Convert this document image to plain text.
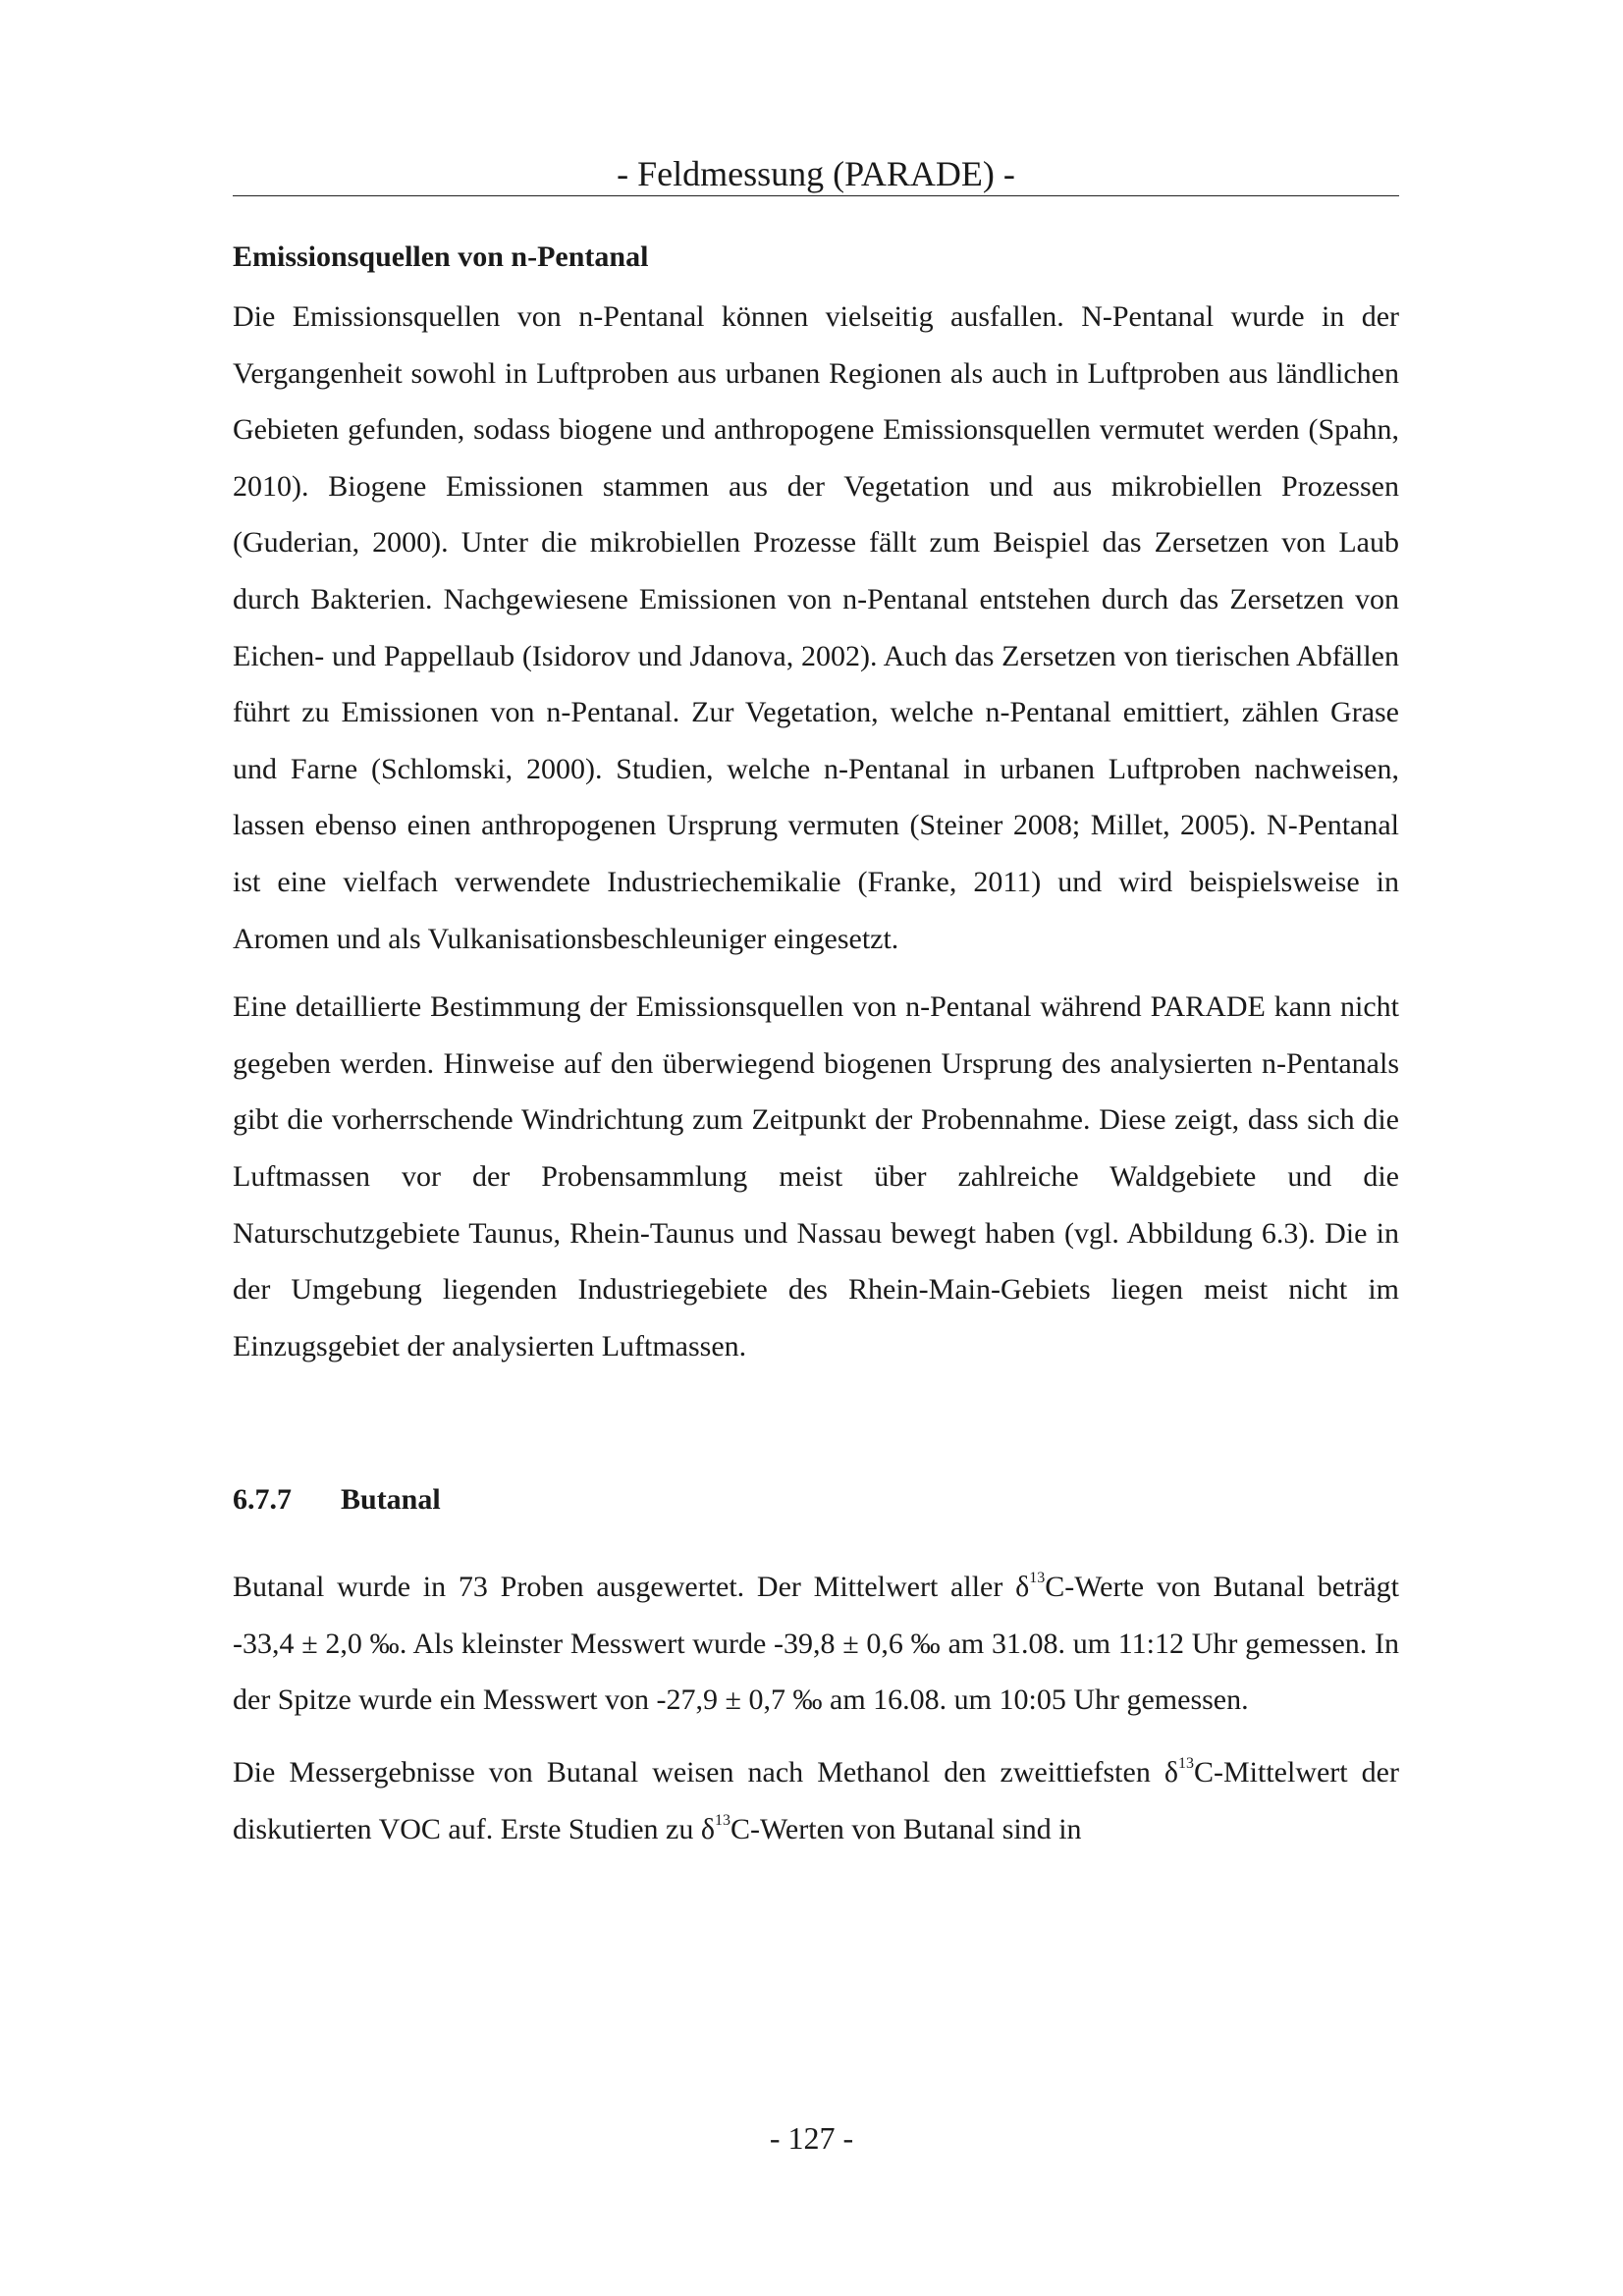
- Feldmessung (PARADE) -
Emissionsquellen von n-Pentanal

Die Emissionsquellen von n-Pentanal können vielseitig ausfallen. N-Pentanal wurde in der Vergangenheit sowohl in Luftproben aus urbanen Regionen als auch in Luftproben aus ländlichen Gebieten gefunden, sodass biogene und anthropogene Emissionsquellen vermutet werden (Spahn, 2010). Biogene Emissionen stammen aus der Vegetation und aus mikrobiellen Prozessen (Guderian, 2000). Unter die mikrobiellen Prozesse fällt zum Beispiel das Zersetzen von Laub durch Bakterien. Nachgewiesene Emissionen von n-Pentanal entstehen durch das Zersetzen von Eichen- und Pappellaub (Isidorov und Jdanova, 2002). Auch das Zersetzen von tierischen Abfällen führt zu Emissionen von n-Pentanal. Zur Vegetation, welche n-Pentanal emittiert, zählen Grase und Farne (Schlomski, 2000). Studien, welche n-Pentanal in urbanen Luftproben nachweisen, lassen ebenso einen anthropogenen Ursprung vermuten (Steiner 2008; Millet, 2005). N-Pentanal ist eine vielfach verwendete Industriechemikalie (Franke, 2011) und wird beispielsweise in Aromen und als Vulkanisationsbeschleuniger eingesetzt.

Eine detaillierte Bestimmung der Emissionsquellen von n-Pentanal während PARADE kann nicht gegeben werden. Hinweise auf den überwiegend biogenen Ursprung des analysierten n-Pentanals gibt die vorherrschende Windrichtung zum Zeitpunkt der Probennahme. Diese zeigt, dass sich die Luftmassen vor der Probensammlung meist über zahlreiche Waldgebiete und die Naturschutzgebiete Taunus, Rhein-Taunus und Nassau bewegt haben (vgl. Abbildung 6.3). Die in der Umgebung liegenden Industriegebiete des Rhein-Main-Gebiets liegen meist nicht im Einzugsgebiet der analysierten Luftmassen.

6.7.7	Butanal

Butanal wurde in 73 Proben ausgewertet. Der Mittelwert aller $\delta^{13}C$-Werte von Butanal beträgt -33,4 ± 2,0 ‰. Als kleinster Messwert wurde -39,8 ± 0,6 ‰ am 31.08. um 11:12 Uhr gemessen. In der Spitze wurde ein Messwert von -27,9 ± 0,7 ‰ am 16.08. um 10:05 Uhr gemessen.

Die Messergebnisse von Butanal weisen nach Methanol den zweittiefsten $\delta^{13}C$-Mittelwert der diskutierten VOC auf. Erste Studien zu $\delta^{13}C$-Werten von Butanal sind in

- 127 -
